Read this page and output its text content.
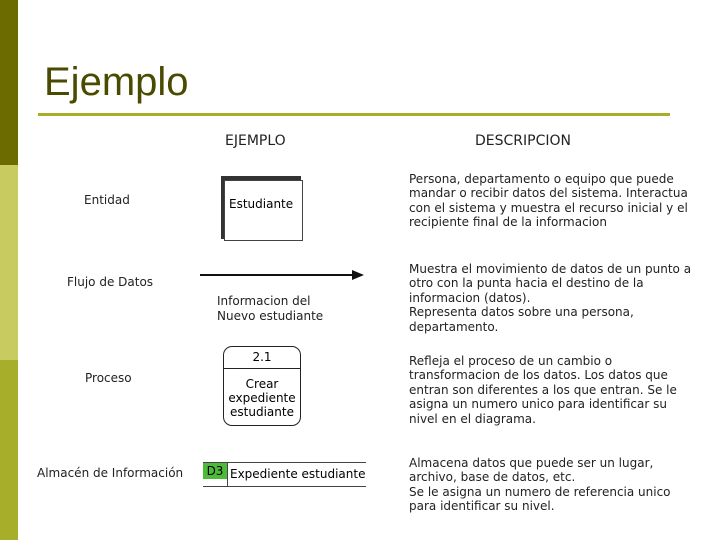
Ejemplo
EJEMPLO	DESCRIPCION
Entidad	Estudiante

Persona, departamento o equipo que puede mandar o recibir datos del sistema. Interactua con el sistema y muestra el recurso inicial y el recipiente final de la informacion

Flujo de Datos
Informacion del
Nuevo estudiante
Muestra el movimiento de datos de un punto a otro con la punta hacia el destino de la informacion (datos).
Representa datos sobre una persona, departamento.
Proceso
2.1
Crear
expediente
estudiante

Refleja el proceso de un cambio o transformacion de los datos. Los datos que entran son diferentes a los que entran. Se le asigna un numero unico para identificar su nivel en el diagrama.

Almacén de Información D3 Expediente estudiante
Almacena datos que puede ser un lugar, archivo, base de datos, etc.
Se le asigna un numero de referencia unico para identificar su nivel.
